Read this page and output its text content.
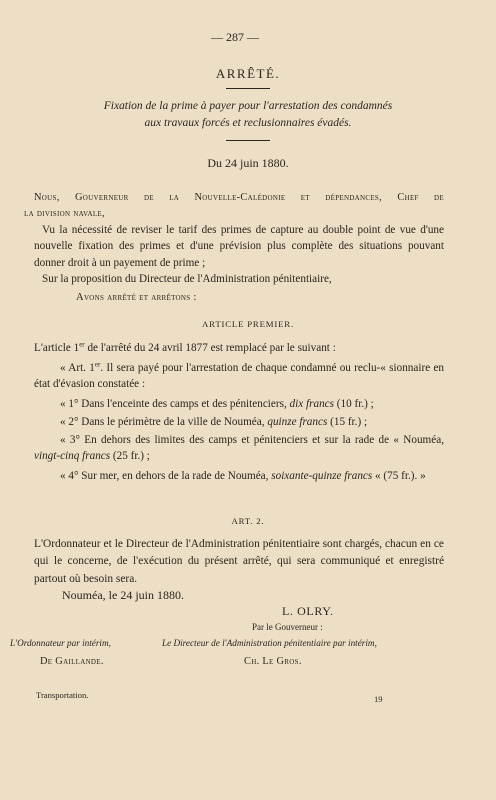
— 287 —
ARRÊTÉ.
Fixation de la prime à payer pour l'arrestation des condamnés
aux travaux forcés et reclusionnaires évadés.
Du 24 juin 1880.
Nous, Gouverneur de la Nouvelle-Calédonie et dépendances, Chef de
la division navale,
Vu la nécessité de reviser le tarif des primes de capture au double point de vue d'une nouvelle fixation des primes et d'une prévision plus complète des situations pouvant donner droit à un payement de prime ;
Sur la proposition du Directeur de l'Administration pénitentiaire,
Avons arrêté et arrêtons :
ARTICLE PREMIER.
L'article 1er de l'arrêté du 24 avril 1877 est remplacé par le suivant :
« Art. 1er. Il sera payé pour l'arrestation de chaque condamné ou reclu-« sionnaire en état d'évasion constatée :
« 1° Dans l'enceinte des camps et des pénitenciers, dix francs (10 fr.) ;
« 2° Dans le périmètre de la ville de Nouméa, quinze francs (15 fr.) ;
« 3° En dehors des limites des camps et pénitenciers et sur la rade de « Nouméa, vingt-cinq francs (25 fr.) ;
« 4° Sur mer, en dehors de la rade de Nouméa, soixante-quinze francs « (75 fr.). »
ART. 2.
L'Ordonnateur et le Directeur de l'Administration pénitentiaire sont chargés, chacun en ce qui le concerne, de l'exécution du présent arrêté, qui sera communiqué et enregistré partout où besoin sera.
Nouméa, le 24 juin 1880.
L. OLRY.
Par le Gouverneur :
L'Ordonnateur par intérim,	Le Directeur de l'Administration pénitentiaire par intérim,
De Gaillande.	Ch. Le Gros.
Transportation.	19
